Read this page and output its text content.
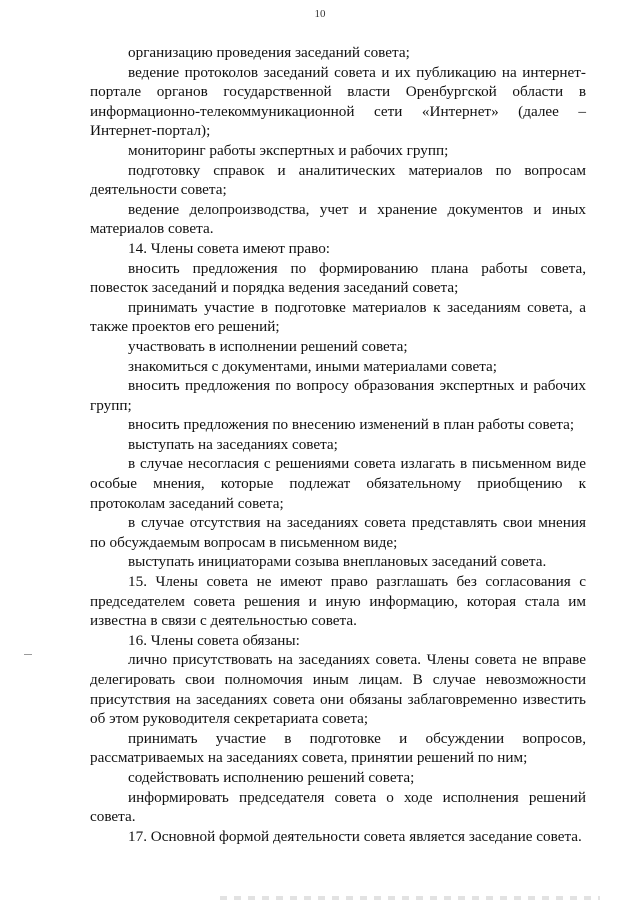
10

организацию проведения заседаний совета;

ведение протоколов заседаний совета и их публикацию на интернет-портале органов государственной власти Оренбургской области в информационно-телекоммуникационной сети «Интернет» (далее – Интернет-портал);

мониторинг работы экспертных и рабочих групп;

подготовку справок и аналитических материалов по вопросам деятельности совета;

ведение делопроизводства, учет и хранение документов и иных материалов совета.

14. Члены совета имеют право:

вносить предложения по формированию плана работы совета, повесток заседаний и порядка ведения заседаний совета;

принимать участие в подготовке материалов к заседаниям совета, а также проектов его решений;

участвовать в исполнении решений совета;

знакомиться с документами, иными материалами совета;

вносить предложения по вопросу образования экспертных и рабочих групп;

вносить предложения по внесению изменений в план работы совета;

выступать на заседаниях совета;

в случае несогласия с решениями совета излагать в письменном виде особые мнения, которые подлежат обязательному приобщению к протоколам заседаний совета;

в случае отсутствия на заседаниях совета представлять свои мнения по обсуждаемым вопросам в письменном виде;

выступать инициаторами созыва внеплановых заседаний совета.

15. Члены совета не имеют право разглашать без согласования с председателем совета решения и иную информацию, которая стала им известна в связи с деятельностью совета.

16. Члены совета обязаны:

лично присутствовать на заседаниях совета. Члены совета не вправе делегировать свои полномочия иным лицам. В случае невозможности присутствия на заседаниях совета они обязаны заблаговременно известить об этом руководителя секретариата совета;

принимать участие в подготовке и обсуждении вопросов, рассматриваемых на заседаниях совета, принятии решений по ним;

содействовать исполнению решений совета;

информировать председателя совета о ходе исполнения решений совета.

17. Основной формой деятельности совета является заседание совета.
